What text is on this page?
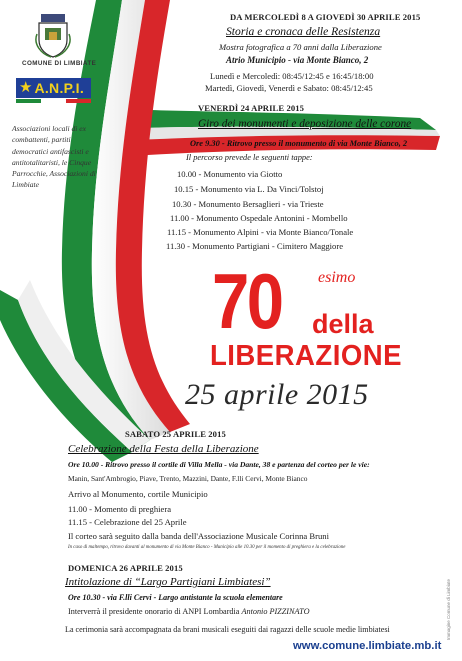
COMUNE DI LIMBIATE
★ A.N.P.I.
Associazioni locali di ex combattenti, partiti democratici antifascisti e antitotalitaristi, le Cinque Parrocchie, Associazioni di Limbiate
DA MERCOLEDÌ 8 A GIOVEDÌ 30 APRILE 2015
Storia e cronaca delle Resistenza
Mostra fotografica a 70 anni dalla Liberazione
Atrio Municipio - via Monte Bianco, 2
Lunedì e Mercoledì: 08:45/12:45 e 16:45/18:00
Martedì, Giovedì, Venerdì e Sabato: 08:45/12:45
VENERDÌ 24 APRILE 2015
Giro dei monumenti e deposizione delle corone
Ore 9.30 - Ritrovo presso il monumento di via Monte Bianco, 2
Il percorso prevede le seguenti tappe:
10.00 - Monumento via Giotto
10.15 - Monumento via L. Da Vinci/Tolstoj
10.30 - Monumento Bersaglieri - via Trieste
11.00 - Monumento Ospedale Antonini - Mombello
11.15 - Monumento Alpini - via Monte Bianco/Tonale
11.30 - Monumento Partigiani - Cimitero Maggiore
70 esimo
della
LIBERAZIONE
25 aprile 2015
SABATO 25 APRILE 2015
Celebrazione della Festa della Liberazione
Ore 10.00 - Ritrovo presso il cortile di Villa Mella - via Dante, 38 e partenza del corteo per le vie:
Manin, Sant'Ambrogio, Piave, Trento, Mazzini, Dante, F.lli Cervi, Monte Bianco
Arrivo al Monumento, cortile Municipio
11.00 - Momento di preghiera
11.15 - Celebrazione del 25 Aprile
Il corteo sarà seguito dalla banda dell'Associazione Musicale Corinna Bruni
In caso di maltempo, ritrovo davanti al monumento di via Monte Bianco - Municipio alle 10.30 per il momento di preghiera e la celebrazione
DOMENICA 26 APRILE 2015
Intitolazione di “Largo Partigiani Limbiatesi”
Ore 10.30 - via F.lli Cervi - Largo antistante la scuola elementare
Interverrà il presidente onorario di ANPI Lombardia Antonio PIZZINATO
La cerimonia sarà accompagnata da brani musicali eseguiti dai ragazzi delle scuole medie limbiatesi
www.comune.limbiate.mb.it
Immagine Comune di Limbiate
